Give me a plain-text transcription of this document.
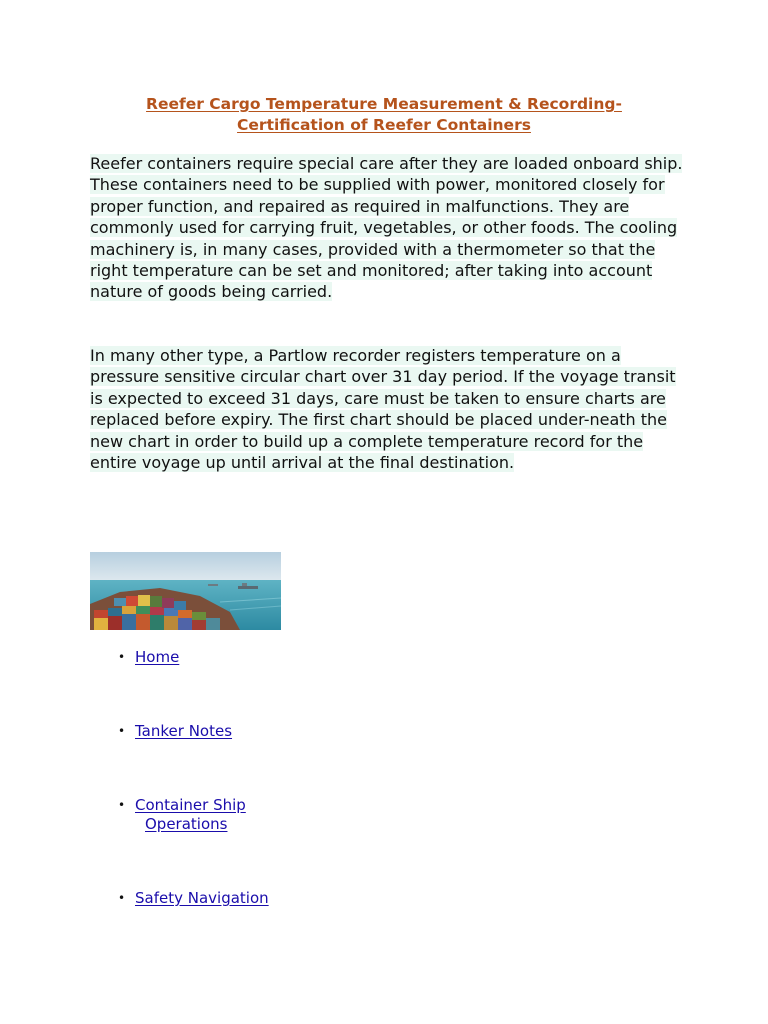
Reefer Cargo Temperature Measurement & Recording-
Certification of Reefer Containers

Reefer containers require special care after they are loaded onboard ship. These containers need to be supplied with power, monitored closely for proper function, and repaired as required in malfunctions. They are commonly used for carrying fruit, vegetables, or other foods. The cooling machinery is, in many cases, provided with a thermometer so that the right temperature can be set and monitored; after taking into account nature of goods being carried.

In many other type, a Partlow recorder registers temperature on a pressure sensitive circular chart over 31 day period. If the voyage transit is expected to exceed 31 days, care must be taken to ensure charts are replaced before expiry. The first chart should be placed under-neath the new chart in order to build up a complete temperature record for the entire voyage up until arrival at the final destination.

• Home
• Tanker Notes
• Container Ship
Operations
• Safety Navigation
